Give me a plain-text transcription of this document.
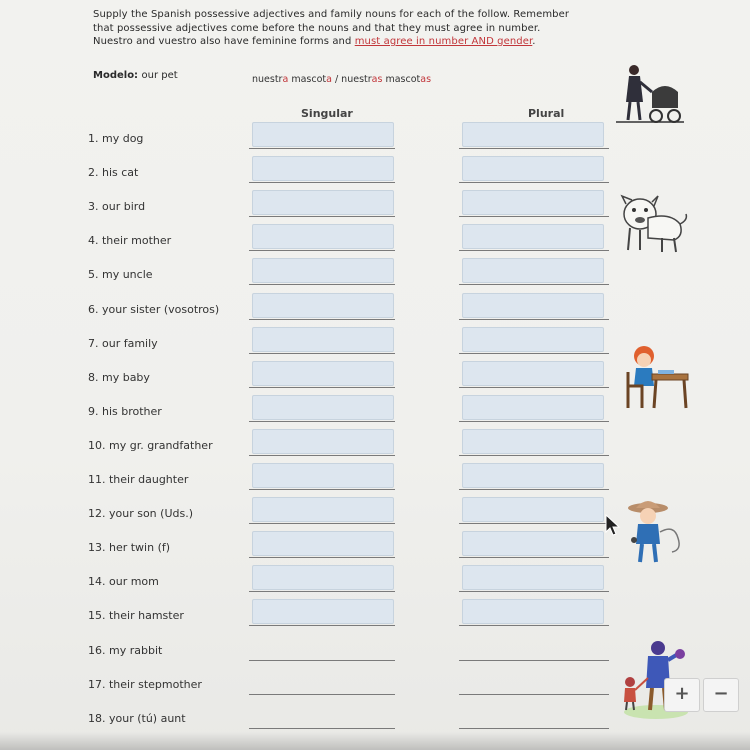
Supply the Spanish possessive adjectives and family nouns for each of the follow. Remember
that possessive adjectives come before the nouns and that they must agree in number.
Nuestro and vuestro also have feminine forms and must agree in number AND gender.
Modelo: our pet	nuestra mascota / nuestras mascotas
Singular	Plural
1. my dog
2. his cat
3. our bird
4. their mother
5. my uncle
6. your sister (vosotros)
7. our family
8. my baby
9. his brother
10. my gr. grandfather
11. their daughter
12. your son (Uds.)
13. her twin (f)
14. our mom
15. their hamster
16. my rabbit
17. their stepmother
18. your (tú) aunt
+	−
